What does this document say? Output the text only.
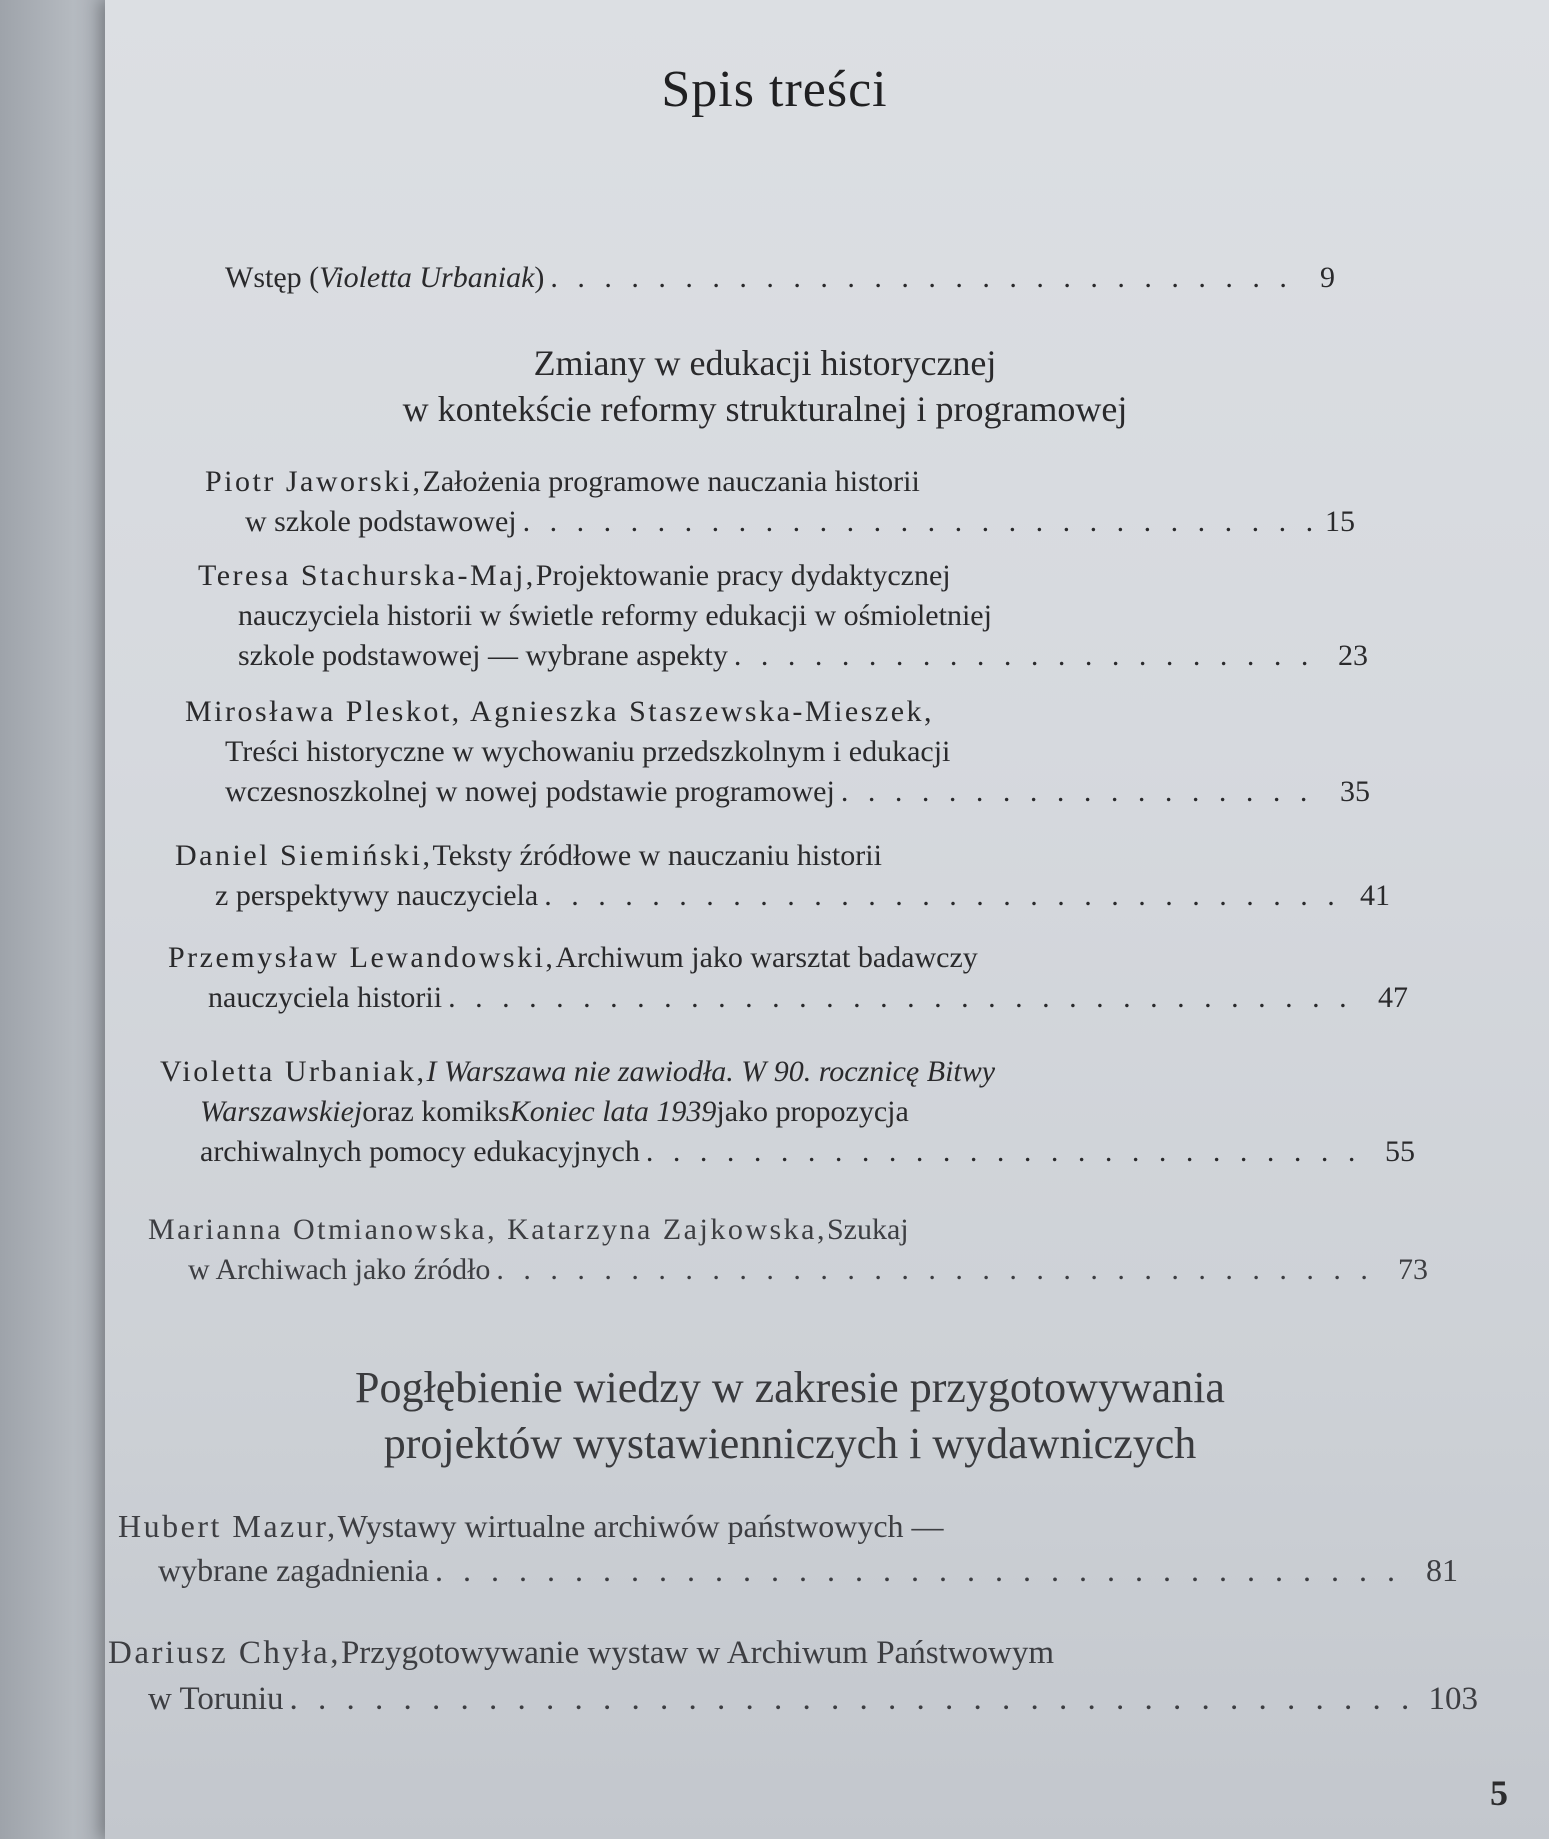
Spis treści
Wstęp ( Violetta Urbaniak ) . . .	9
Zmiany w edukacji historycznej
w kontekście reformy strukturalnej i programowej
Piotr Jaworski, Założenia programowe nauczania historii
w szkole podstawowej . . .	15
Teresa Stachurska-Maj, Projektowanie pracy dydaktycznej
nauczyciela historii w świetle reformy edukacji w ośmioletniej
szkole podstawowej — wybrane aspekty . . .	23
Mirosława Pleskot, Agnieszka Staszewska-Mieszek,
Treści historyczne w wychowaniu przedszkolnym i edukacji
wczesnoszkolnej w nowej podstawie programowej . . .	35
Daniel Siemiński, Teksty źródłowe w nauczaniu historii
z perspektywy nauczyciela . . .	41
Przemysław Lewandowski, Archiwum jako warsztat badawczy
nauczyciela historii . . .	47
Violetta Urbaniak, I Warszawa nie zawiodła. W 90. rocznicę Bitwy
Warszawskiej oraz komiks Koniec lata 1939 jako propozycja
archiwalnych pomocy edukacyjnych . . .	55
Marianna Otmianowska, Katarzyna Zajkowska, Szukaj
w Archiwach jako źródło . . .	73
Pogłębienie wiedzy w zakresie przygotowywania
projektów wystawienniczych i wydawniczych
Hubert Mazur, Wystawy wirtualne archiwów państwowych —
wybrane zagadnienia . . .	81
Dariusz Chyła, Przygotowywanie wystaw w Archiwum Państwowym
w Toruniu . . .	103
5
